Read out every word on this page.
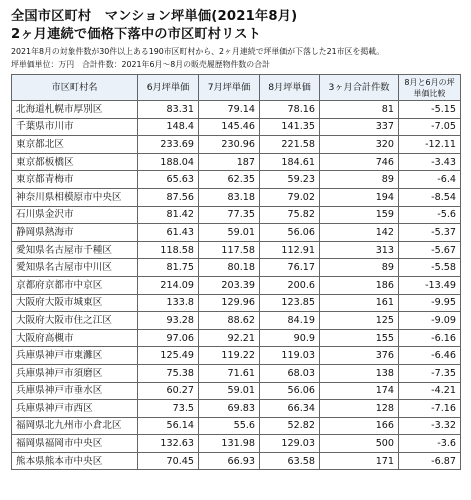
全国市区町村　マンション坪単価(2021年8月)
2ヶ月連続で価格下落中の市区町村リスト
2021年8月の対象件数が30件以上ある190市区町村から、2ヶ月連続で坪単価が下落した21市区を掲載。
坪単価単位：万円　合計件数：2021年6月～8月の販売履歴物件数の合計
市区町村名	6月坪単価	7月坪単価	8月坪単価	3ヶ月合計件数	8月と6月の坪単価比較
北海道札幌市厚別区	83.31	79.14	78.16	81	-5.15
千葉県市川市	148.4	145.46	141.35	337	-7.05
東京都北区	233.69	230.96	221.58	320	-12.11
東京都板橋区	188.04	187	184.61	746	-3.43
東京都青梅市	65.63	62.35	59.23	89	-6.4
神奈川県相模原市中央区	87.56	83.18	79.02	194	-8.54
石川県金沢市	81.42	77.35	75.82	159	-5.6
静岡県熱海市	61.43	59.01	56.06	142	-5.37
愛知県名古屋市千種区	118.58	117.58	112.91	313	-5.67
愛知県名古屋市中川区	81.75	80.18	76.17	89	-5.58
京都府京都市中京区	214.09	203.39	200.6	186	-13.49
大阪府大阪市城東区	133.8	129.96	123.85	161	-9.95
大阪府大阪市住之江区	93.28	88.62	84.19	125	-9.09
大阪府高槻市	97.06	92.21	90.9	155	-6.16
兵庫県神戸市東灘区	125.49	119.22	119.03	376	-6.46
兵庫県神戸市須磨区	75.38	71.61	68.03	138	-7.35
兵庫県神戸市垂水区	60.27	59.01	56.06	174	-4.21
兵庫県神戸市西区	73.5	69.83	66.34	128	-7.16
福岡県北九州市小倉北区	56.14	55.6	52.82	166	-3.32
福岡県福岡市中央区	132.63	131.98	129.03	500	-3.6
熊本県熊本市中央区	70.45	66.93	63.58	171	-6.87
